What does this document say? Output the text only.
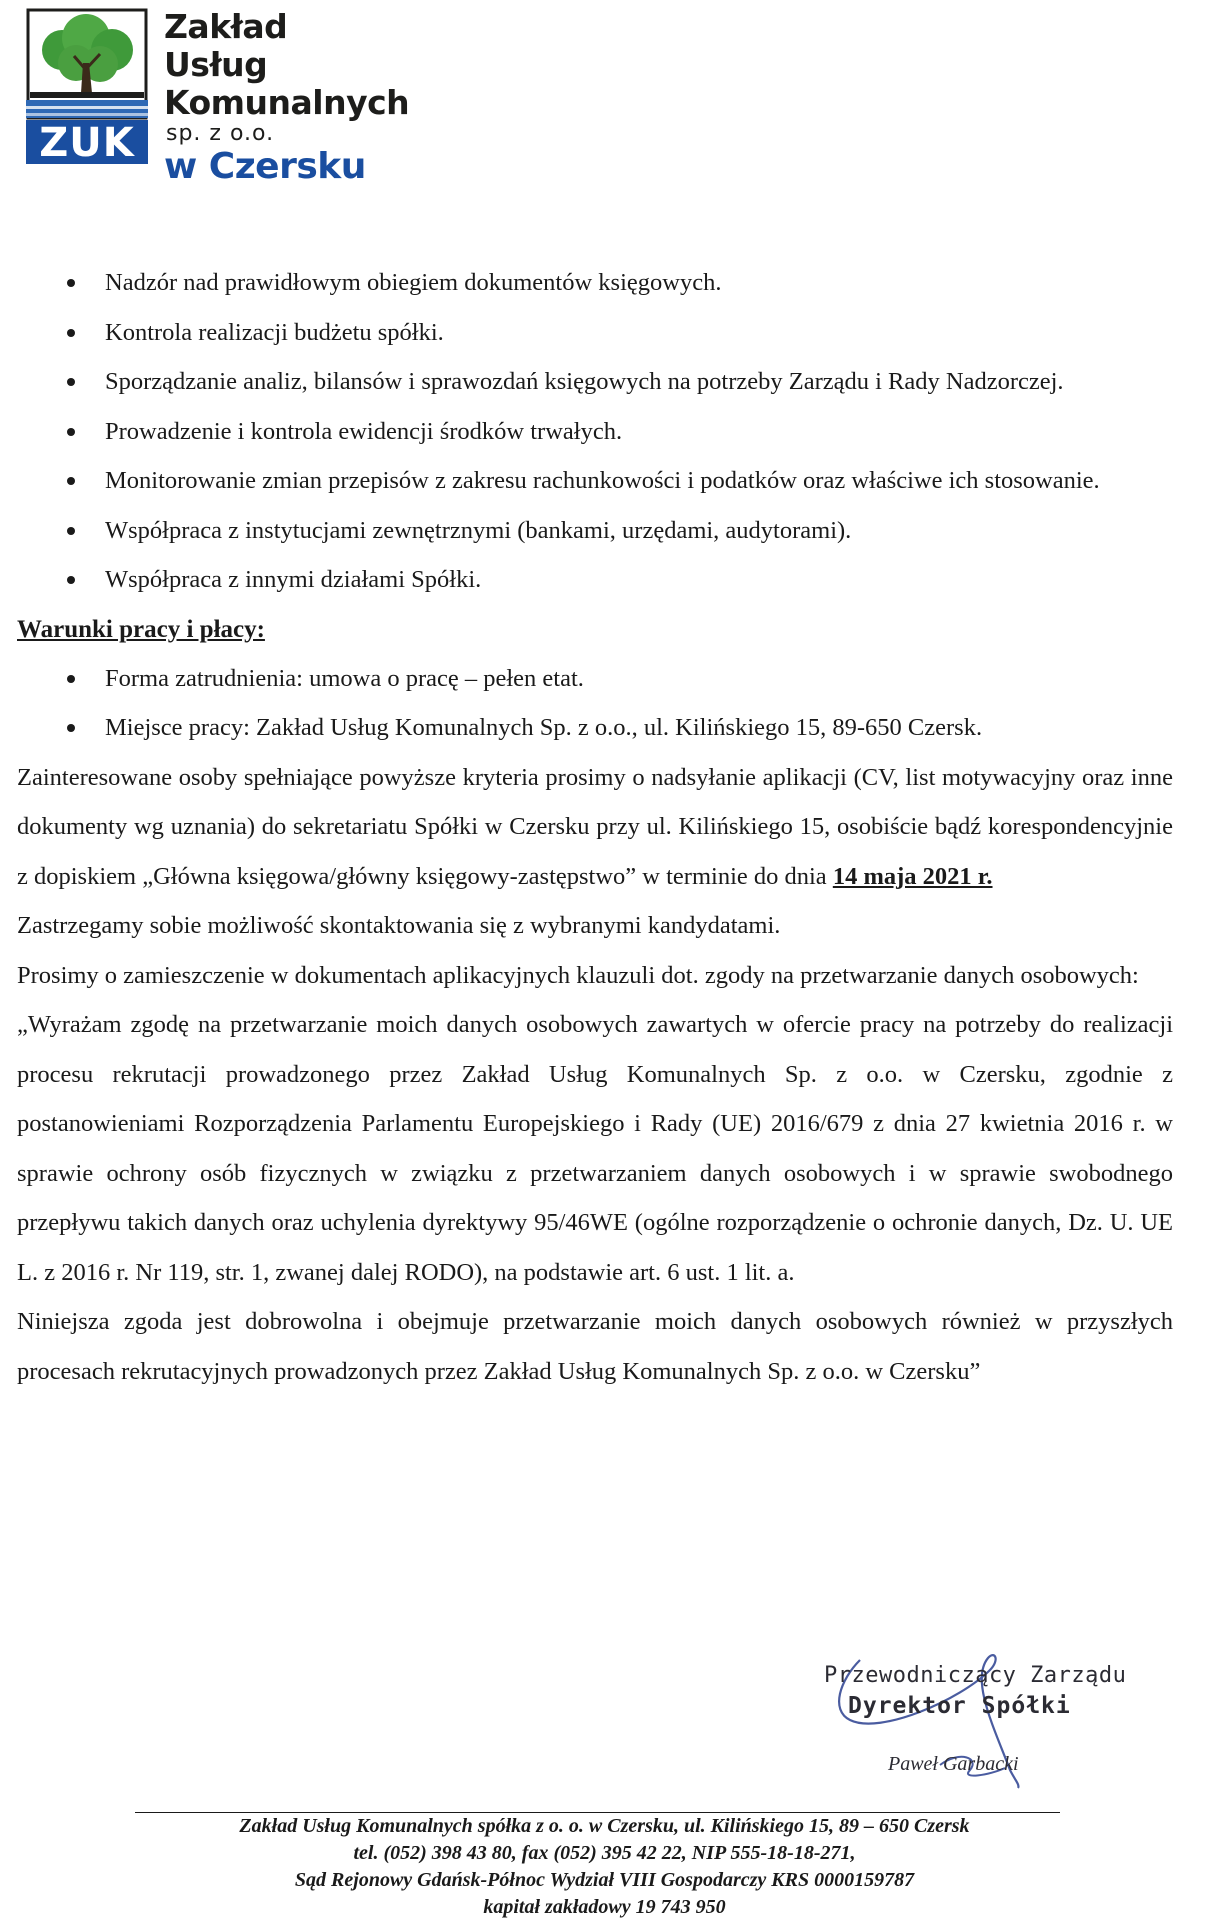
ZUK
Zakład
Usług
Komunalnych
sp. z o.o.
w Czersku
Nadzór nad prawidłowym obiegiem dokumentów księgowych.
Kontrola realizacji budżetu spółki.
Sporządzanie analiz, bilansów i sprawozdań księgowych na potrzeby Zarządu i Rady Nadzorczej.
Prowadzenie i kontrola ewidencji środków trwałych.
Monitorowanie zmian przepisów z zakresu rachunkowości i podatków oraz właściwe ich stosowanie.
Współpraca z instytucjami zewnętrznymi (bankami, urzędami, audytorami).
Współpraca z innymi działami Spółki.
Warunki pracy i płacy:
Forma zatrudnienia: umowa o pracę – pełen etat.
Miejsce pracy: Zakład Usług Komunalnych Sp. z o.o., ul. Kilińskiego 15, 89-650 Czersk.

Zainteresowane osoby spełniające powyższe kryteria prosimy o nadsyłanie aplikacji (CV, list motywacyjny oraz inne dokumenty wg uznania) do sekretariatu Spółki w Czersku przy ul. Kilińskiego 15, osobiście bądź korespondencyjnie z dopiskiem „Główna księgowa/główny księgowy-zastępstwo” w terminie do dnia 14 maja 2021 r.

Zastrzegamy sobie możliwość skontaktowania się z wybranymi kandydatami.

Prosimy o zamieszczenie w dokumentach aplikacyjnych klauzuli dot. zgody na przetwarzanie danych osobowych:

„Wyrażam zgodę na przetwarzanie moich danych osobowych zawartych w ofercie pracy na potrzeby do realizacji procesu rekrutacji prowadzonego przez Zakład Usług Komunalnych Sp. z o.o. w Czersku, zgodnie z postanowieniami Rozporządzenia Parlamentu Europejskiego i Rady (UE) 2016/679 z dnia 27 kwietnia 2016 r. w sprawie ochrony osób fizycznych w związku z przetwarzaniem danych osobowych i w sprawie swobodnego przepływu takich danych oraz uchylenia dyrektywy 95/46WE (ogólne rozporządzenie o ochronie danych, Dz. U. UE L. z 2016 r. Nr 119, str. 1, zwanej dalej RODO), na podstawie art. 6 ust. 1 lit. a.

Niniejsza zgoda jest dobrowolna i obejmuje przetwarzanie moich danych osobowych również w przyszłych procesach rekrutacyjnych prowadzonych przez Zakład Usług Komunalnych Sp. z o.o. w Czersku”

Przewodniczący Zarządu
Dyrektor Spółki
Paweł Garbacki
Zakład Usług Komunalnych spółka z o. o. w Czersku, ul. Kilińskiego 15, 89 – 650 Czersk
tel. (052) 398 43 80, fax (052) 395 42 22, NIP 555-18-18-271,
Sąd Rejonowy Gdańsk-Północ Wydział VIII Gospodarczy KRS 0000159787
kapitał zakładowy 19 743 950
